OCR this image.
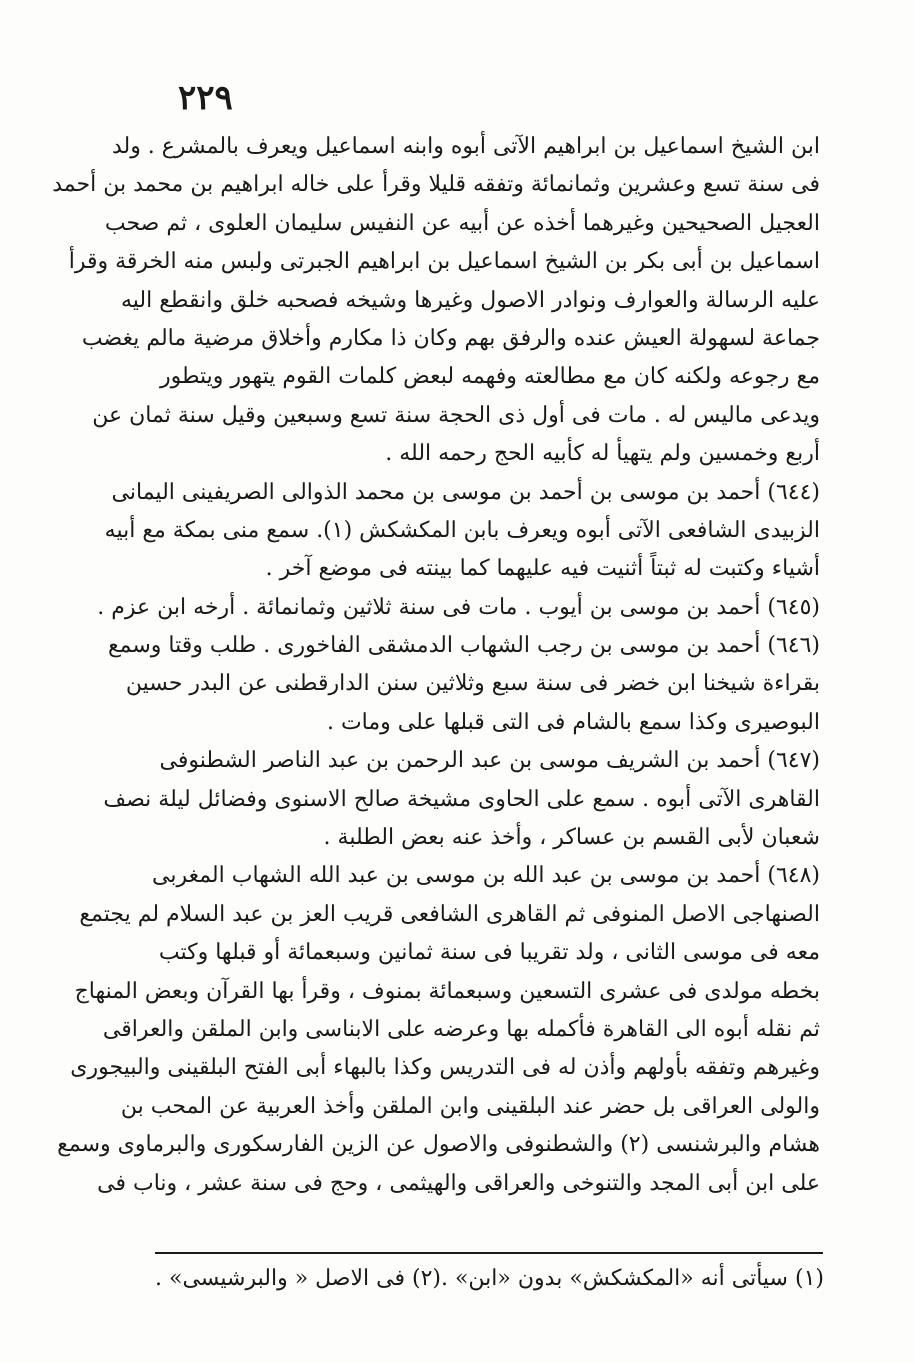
٢٢٩
ابن الشيخ اسماعيل بن ابراهيم الآتى أبوه وابنه اسماعيل ويعرف بالمشرع . ولد
فى سنة تسع وعشرين وثمانمائة وتفقه قليلا وقرأ على خاله ابراهيم بن محمد بن أحمد
العجيل الصحيحين وغيرهما أخذه عن أبيه عن النفيس سليمان العلوى ، ثم صحب
اسماعيل بن أبى بكر بن الشيخ اسماعيل بن ابراهيم الجبرتى ولبس منه الخرقة وقرأ
عليه الرسالة والعوارف ونوادر الاصول وغيرها وشيخه فصحبه خلق وانقطع اليه
جماعة لسهولة العيش عنده والرفق بهم وكان ذا مكارم وأخلاق مرضية مالم يغضب
مع رجوعه ولكنه كان مع مطالعته وفهمه لبعض كلمات القوم يتهور ويتطور
ويدعى ماليس له . مات فى أول ذى الحجة سنة تسع وسبعين وقيل سنة ثمان عن
أربع وخمسين ولم يتهيأ له كأبيه الحج رحمه الله .
(٦٤٤) أحمد بن موسى بن أحمد بن موسى بن محمد الذوالى الصريفينى اليمانى
الزبيدى الشافعى الآتى أبوه ويعرف بابن المكشكش (١). سمع منى بمكة مع أبيه
أشياء وكتبت له ثبتاً أثنيت فيه عليهما كما بينته فى موضع آخر .
(٦٤٥) أحمد بن موسى بن أيوب . مات فى سنة ثلاثين وثمانمائة . أرخه ابن عزم .
(٦٤٦) أحمد بن موسى بن رجب الشهاب الدمشقى الفاخورى . طلب وقتا وسمع
بقراءة شيخنا ابن خضر فى سنة سبع وثلاثين سنن الدارقطنى عن البدر حسين
البوصيرى وكذا سمع بالشام فى التى قبلها على ومات .
(٦٤٧) أحمد بن الشريف موسى بن عبد الرحمن بن عبد الناصر الشطنوفى
القاهرى الآتى أبوه . سمع على الحاوى مشيخة صالح الاسنوى وفضائل ليلة نصف
شعبان لأبى القسم بن عساكر ، وأخذ عنه بعض الطلبة .
(٦٤٨) أحمد بن موسى بن عبد الله بن موسى بن عبد الله الشهاب المغربى
الصنهاجى الاصل المنوفى ثم القاهرى الشافعى قريب العز بن عبد السلام لم يجتمع
معه فى موسى الثانى ، ولد تقريبا فى سنة ثمانين وسبعمائة أو قبلها وكتب
بخطه مولدى فى عشرى التسعين وسبعمائة بمنوف ، وقرأ بها القرآن وبعض المنهاج
ثم نقله أبوه الى القاهرة فأكمله بها وعرضه على الابناسى وابن الملقن والعراقى
وغيرهم وتفقه بأولهم وأذن له فى التدريس وكذا بالبهاء أبى الفتح البلقينى والبيجورى
والولى العراقى بل حضر عند البلقينى وابن الملقن وأخذ العربية عن المحب بن
هشام والبرشنسى (٢) والشطنوفى والاصول عن الزين الفارسكورى والبرماوى وسمع
على ابن أبى المجد والتنوخى والعراقى والهيثمى ، وحج فى سنة عشر ، وناب فى
(١) سيأتى أنه «المكشكش» بدون «ابن» .(٢) فى الاصل « والبرشيسى» .
